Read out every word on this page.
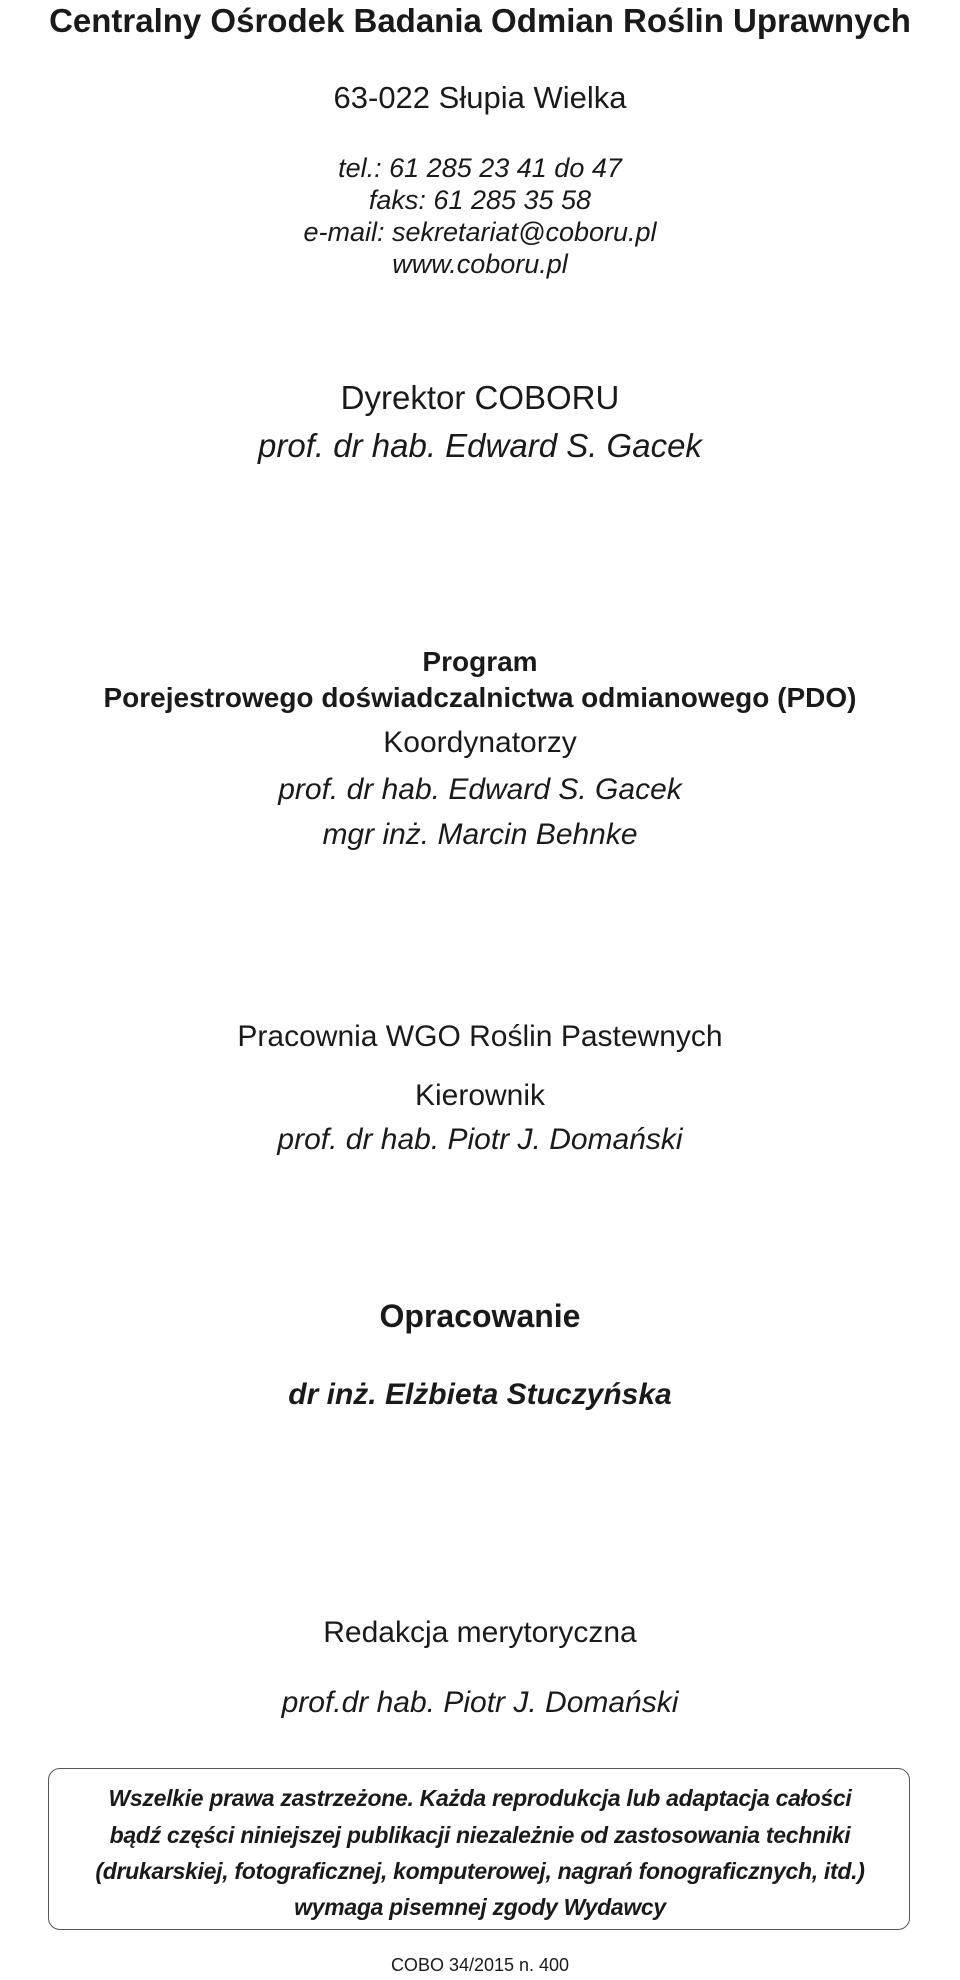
Centralny Ośrodek Badania Odmian Roślin Uprawnych
63-022 Słupia Wielka
tel.: 61 285 23 41 do 47
faks: 61 285 35 58
e-mail: sekretariat@coboru.pl
www.coboru.pl
Dyrektor COBORU
prof. dr hab. Edward S. Gacek
Program
Porejestrowego doświadczalnictwa odmianowego (PDO)
Koordynatorzy
prof. dr hab. Edward S. Gacek
mgr inż. Marcin Behnke
Pracownia WGO Roślin Pastewnych
Kierownik
prof. dr hab. Piotr J. Domański
Opracowanie
dr inż. Elżbieta Stuczyńska
Redakcja merytoryczna
prof.dr hab. Piotr J. Domański
Wszelkie prawa zastrzeżone. Każda reprodukcja lub adaptacja całości
bądź części niniejszej publikacji niezależnie od zastosowania techniki
(drukarskiej, fotograficznej, komputerowej, nagrań fonograficznych, itd.)
wymaga pisemnej zgody Wydawcy
COBO 34/2015 n. 400
